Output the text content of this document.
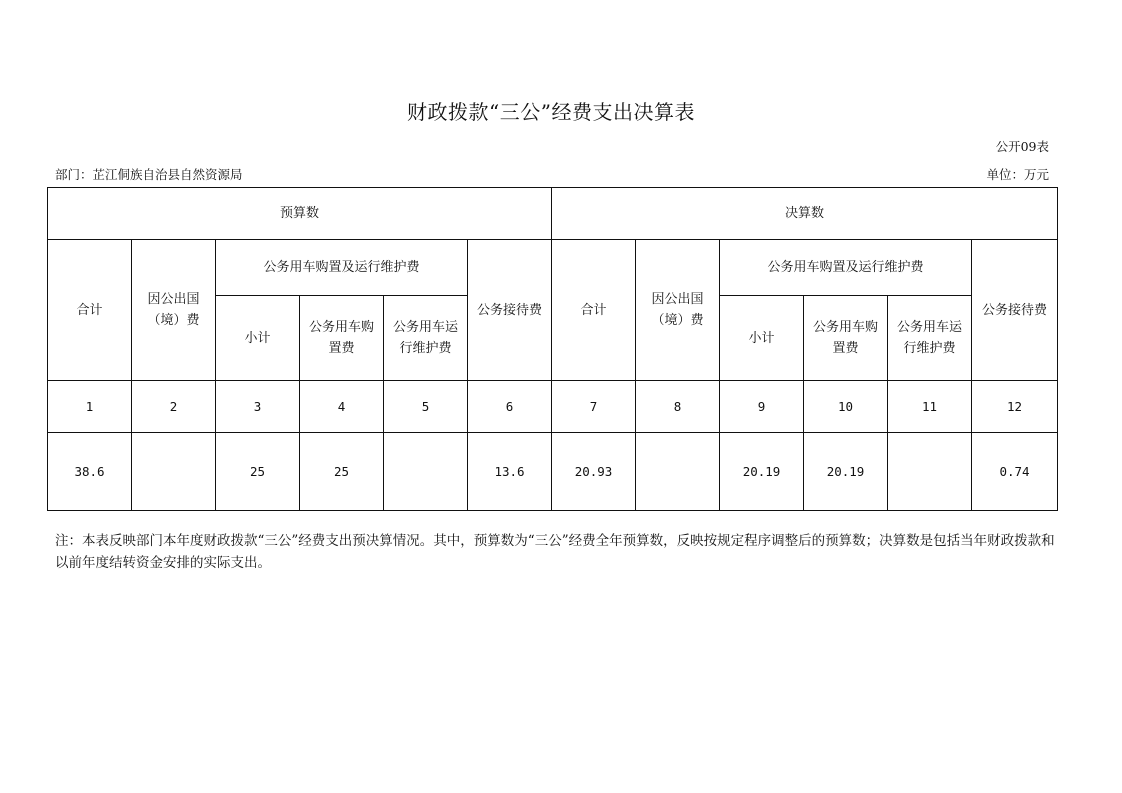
财政拨款“三公”经费支出决算表
公开09表
部门：芷江侗族自治县自然资源局	单位：万元
预算数						决算数					
合计	因公出国（境）费	公务用车购置及运行维护费			公务接待费	合计	因公出国（境）费	公务用车购置及运行维护费			公务接待费
		小计	公务用车购置费	公务用车运行维护费				小计	公务用车购置费	公务用车运行维护费	
1	2	3	4	5	6	7	8	9	10	11	12
38.6		25	25		13.6	20.93		20.19	20.19		0.74
注：本表反映部门本年度财政拨款“三公”经费支出预决算情况。其中，预算数为“三公”经费全年预算数，反映按规定程序调整后的预算数；决算数是包括当年财政拨款和以前年度结转资金安排的实际支出。
